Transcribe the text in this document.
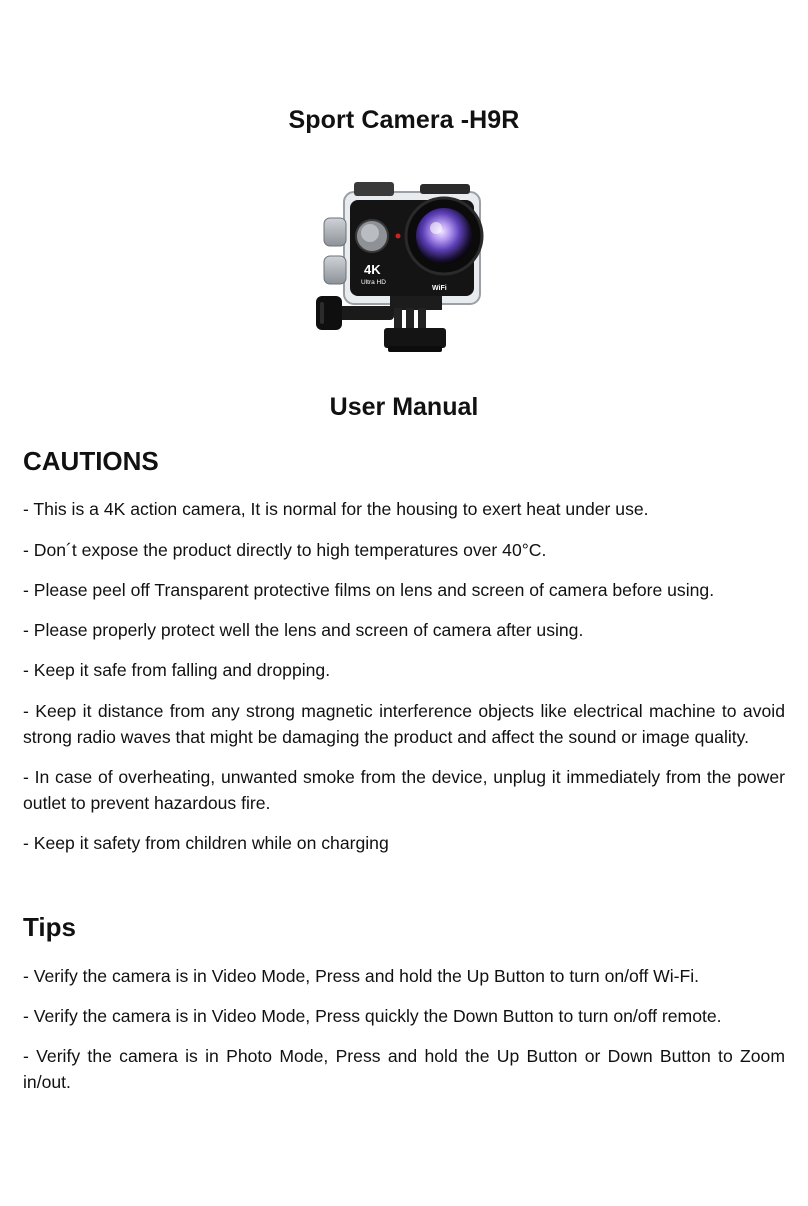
Sport Camera -H9R
4K
Ultra HD
WiFi
User Manual
CAUTIONS

- This is a 4K action camera, It is normal for the housing to exert heat under use.

- Don´t expose the product directly to high temperatures over 40°C.

- Please peel off Transparent protective films on lens and screen of camera before using.

- Please properly protect well the lens and screen of camera after using.

- Keep it safe from falling and dropping.

- Keep it distance from any strong magnetic interference objects like electrical machine to avoid strong radio waves that might be damaging the product and affect the sound or image quality.

- In case of overheating, unwanted smoke from the device, unplug it immediately from the power outlet to prevent hazardous fire.

- Keep it safety from children while on charging

Tips

- Verify the camera is in Video Mode, Press and hold the Up Button to turn on/off Wi-Fi.

- Verify the camera is in Video Mode, Press quickly the Down Button to turn on/off remote.

- Verify the camera is in Photo Mode, Press and hold the Up Button or Down Button to Zoom in/out.
